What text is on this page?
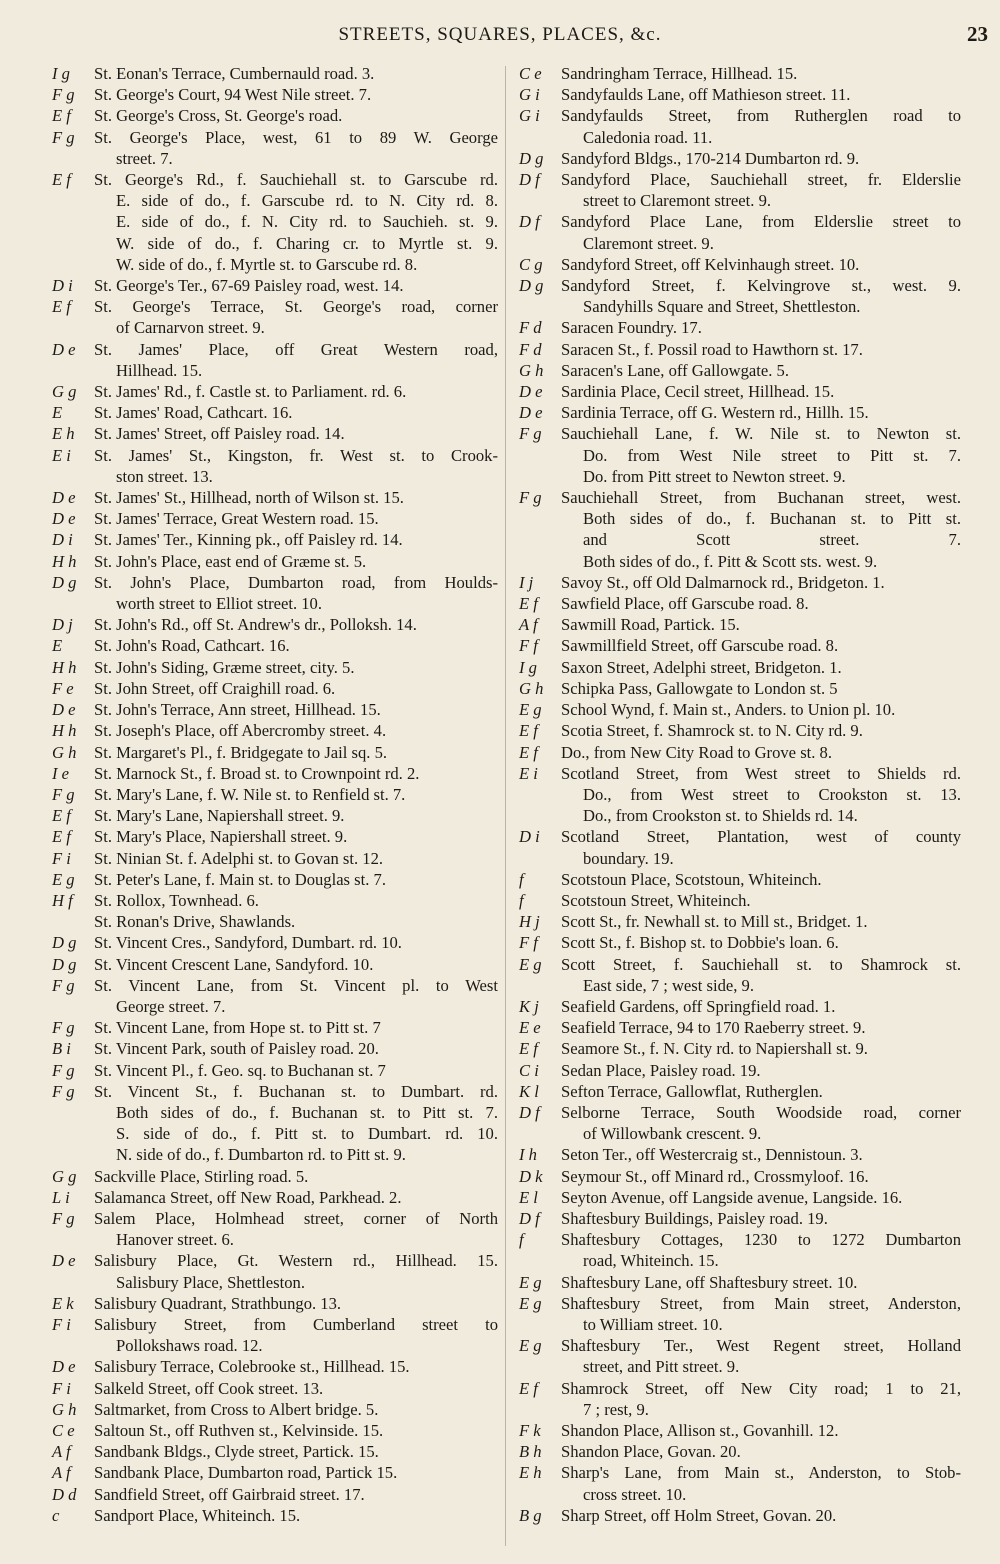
STREETS, SQUARES, PLACES, &c.	23
I g	St. Eonan's Terrace, Cumbernauld road. 3.
F g	St. George's Court, 94 West Nile street. 7.
E f	St. George's Cross, St. George's road.
F g	St. George's Place, west, 61 to 89 W. George
street. 7.
E f	St. George's Rd., f. Sauchiehall st. to Garscube rd.
E. side of do., f. Garscube rd. to N. City rd. 8.
E. side of do., f. N. City rd. to Sauchieh. st. 9.
W. side of do., f. Charing cr. to Myrtle st. 9.
W. side of do., f. Myrtle st. to Garscube rd. 8.
D i	St. George's Ter., 67-69 Paisley road, west. 14.
E f	St. George's Terrace, St. George's road, corner
of Carnarvon street. 9.
D e	St. James' Place, off Great Western road,
Hillhead. 15.
G g	St. James' Rd., f. Castle st. to Parliament. rd. 6.
E	St. James' Road, Cathcart. 16.
E h	St. James' Street, off Paisley road. 14.
E i	St. James' St., Kingston, fr. West st. to Crook-
ston street. 13.
D e	St. James' St., Hillhead, north of Wilson st. 15.
D e	St. James' Terrace, Great Western road. 15.
D i	St. James' Ter., Kinning pk., off Paisley rd. 14.
H h	St. John's Place, east end of Græme st. 5.
D g	St. John's Place, Dumbarton road, from Houlds-
worth street to Elliot street. 10.
D j	St. John's Rd., off St. Andrew's dr., Polloksh. 14.
E	St. John's Road, Cathcart. 16.
H h	St. John's Siding, Græme street, city. 5.
F e	St. John Street, off Craighill road. 6.
D e	St. John's Terrace, Ann street, Hillhead. 15.
H h	St. Joseph's Place, off Abercromby street. 4.
G h	St. Margaret's Pl., f. Bridgegate to Jail sq. 5.
I e	St. Marnock St., f. Broad st. to Crownpoint rd. 2.
F g	St. Mary's Lane, f. W. Nile st. to Renfield st. 7.
E f	St. Mary's Lane, Napiershall street. 9.
E f	St. Mary's Place, Napiershall street. 9.
F i	St. Ninian St. f. Adelphi st. to Govan st. 12.
E g	St. Peter's Lane, f. Main st. to Douglas st. 7.
H f	St. Rollox, Townhead. 6.
St. Ronan's Drive, Shawlands.
D g	St. Vincent Cres., Sandyford, Dumbart. rd. 10.
D g	St. Vincent Crescent Lane, Sandyford. 10.
F g	St. Vincent Lane, from St. Vincent pl. to West
George street. 7.
F g	St. Vincent Lane, from Hope st. to Pitt st. 7
B i	St. Vincent Park, south of Paisley road. 20.
F g	St. Vincent Pl., f. Geo. sq. to Buchanan st. 7
F g	St. Vincent St., f. Buchanan st. to Dumbart. rd.
Both sides of do., f. Buchanan st. to Pitt st. 7.
S. side of do., f. Pitt st. to Dumbart. rd. 10.
N. side of do., f. Dumbarton rd. to Pitt st. 9.
G g	Sackville Place, Stirling road. 5.
L i	Salamanca Street, off New Road, Parkhead. 2.
F g	Salem Place, Holmhead street, corner of North
Hanover street. 6.
D e	Salisbury Place, Gt. Western rd., Hillhead. 15.
Salisbury Place, Shettleston.
E k	Salisbury Quadrant, Strathbungo. 13.
F i	Salisbury Street, from Cumberland street to
Pollokshaws road. 12.
D e	Salisbury Terrace, Colebrooke st., Hillhead. 15.
F i	Salkeld Street, off Cook street. 13.
G h	Saltmarket, from Cross to Albert bridge. 5.
C e	Saltoun St., off Ruthven st., Kelvinside. 15.
A f	Sandbank Bldgs., Clyde street, Partick. 15.
A f	Sandbank Place, Dumbarton road, Partick 15.
D d	Sandfield Street, off Gairbraid street. 17.
c	Sandport Place, Whiteinch. 15.
C e	Sandringham Terrace, Hillhead. 15.
G i	Sandyfaulds Lane, off Mathieson street. 11.
G i	Sandyfaulds Street, from Rutherglen road to
Caledonia road. 11.
D g	Sandyford Bldgs., 170-214 Dumbarton rd. 9.
D f	Sandyford Place, Sauchiehall street, fr. Elderslie
street to Claremont street. 9.
D f	Sandyford Place Lane, from Elderslie street to
Claremont street. 9.
C g	Sandyford Street, off Kelvinhaugh street. 10.
D g	Sandyford Street, f. Kelvingrove st., west. 9.
Sandyhills Square and Street, Shettleston.
F d	Saracen Foundry. 17.
F d	Saracen St., f. Possil road to Hawthorn st. 17.
G h	Saracen's Lane, off Gallowgate. 5.
D e	Sardinia Place, Cecil street, Hillhead. 15.
D e	Sardinia Terrace, off G. Western rd., Hillh. 15.
F g	Sauchiehall Lane, f. W. Nile st. to Newton st.
Do. from West Nile street to Pitt st. 7.
Do. from Pitt street to Newton street. 9.
F g	Sauchiehall Street, from Buchanan street, west.
Both sides of do., f. Buchanan st. to Pitt st.
and Scott street. 7.
Both sides of do., f. Pitt & Scott sts. west. 9.
I j	Savoy St., off Old Dalmarnock rd., Bridgeton. 1.
E f	Sawfield Place, off Garscube road. 8.
A f	Sawmill Road, Partick. 15.
F f	Sawmillfield Street, off Garscube road. 8.
I g	Saxon Street, Adelphi street, Bridgeton. 1.
G h	Schipka Pass, Gallowgate to London st. 5
E g	School Wynd, f. Main st., Anders. to Union pl. 10.
E f	Scotia Street, f. Shamrock st. to N. City rd. 9.
E f	Do., from New City Road to Grove st. 8.
E i	Scotland Street, from West street to Shields rd.
Do., from West street to Crookston st. 13.
Do., from Crookston st. to Shields rd. 14.
D i	Scotland Street, Plantation, west of county
boundary. 19.
f	Scotstoun Place, Scotstoun, Whiteinch.
f	Scotstoun Street, Whiteinch.
H j	Scott St., fr. Newhall st. to Mill st., Bridget. 1.
F f	Scott St., f. Bishop st. to Dobbie's loan. 6.
E g	Scott Street, f. Sauchiehall st. to Shamrock st.
East side, 7 ; west side, 9.
K j	Seafield Gardens, off Springfield road. 1.
E e	Seafield Terrace, 94 to 170 Raeberry street. 9.
E f	Seamore St., f. N. City rd. to Napiershall st. 9.
C i	Sedan Place, Paisley road. 19.
K l	Sefton Terrace, Gallowflat, Rutherglen.
D f	Selborne Terrace, South Woodside road, corner
of Willowbank crescent. 9.
I h	Seton Ter., off Westercraig st., Dennistoun. 3.
D k	Seymour St., off Minard rd., Crossmyloof. 16.
E l	Seyton Avenue, off Langside avenue, Langside. 16.
D f	Shaftesbury Buildings, Paisley road. 19.
f	Shaftesbury Cottages, 1230 to 1272 Dumbarton
road, Whiteinch. 15.
E g	Shaftesbury Lane, off Shaftesbury street. 10.
E g	Shaftesbury Street, from Main street, Anderston,
to William street. 10.
E g	Shaftesbury Ter., West Regent street, Holland
street, and Pitt street. 9.
E f	Shamrock Street, off New City road; 1 to 21,
7 ; rest, 9.
F k	Shandon Place, Allison st., Govanhill. 12.
B h	Shandon Place, Govan. 20.
E h	Sharp's Lane, from Main st., Anderston, to Stob-
cross street. 10.
B g	Sharp Street, off Holm Street, Govan. 20.
